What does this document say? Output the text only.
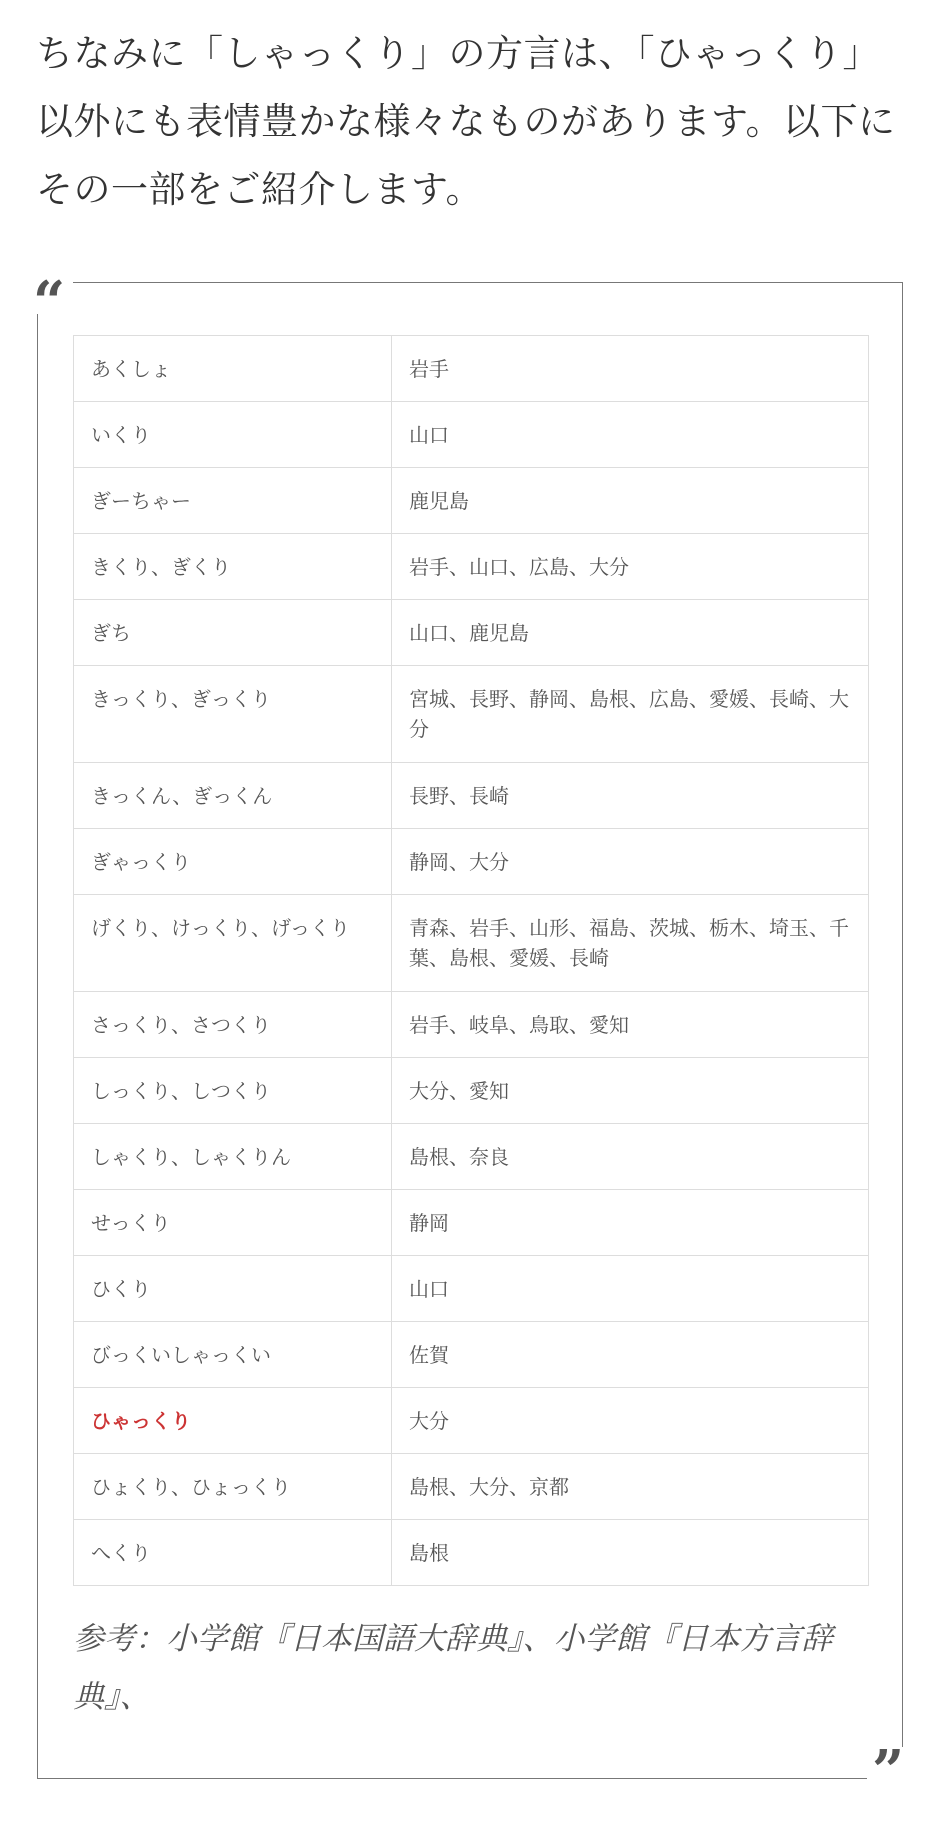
ちなみに「しゃっくり」の方言は、「ひゃっくり」以外にも表情豊かな様々なものがあります。以下にその一部をご紹介します。

“
”
あくしょ	岩手
いくり	山口
ぎーちゃー	鹿児島
きくり、ぎくり	岩手、山口、広島、大分
ぎち	山口、鹿児島
きっくり、ぎっくり	宮城、長野、静岡、島根、広島、愛媛、長崎、大分
きっくん、ぎっくん	長野、長崎
ぎゃっくり	静岡、大分
げくり、けっくり、げっくり	青森、岩手、山形、福島、茨城、栃木、埼玉、千葉、島根、愛媛、長崎
さっくり、さつくり	岩手、岐阜、鳥取、愛知
しっくり、しつくり	大分、愛知
しゃくり、しゃくりん	島根、奈良
せっくり	静岡
ひくり	山口
びっくいしゃっくい	佐賀
ひゃっくり	大分
ひょくり、ひょっくり	島根、大分、京都
へくり	島根

参考：小学館『日本国語大辞典』、小学館『日本方言辞典』、
